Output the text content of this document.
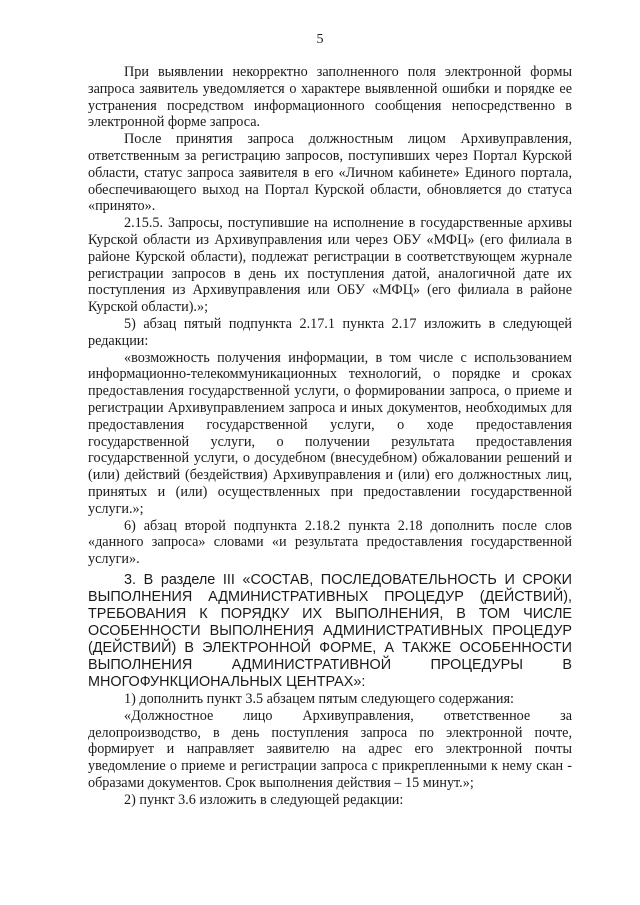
5

При выявлении некорректно заполненного поля электронной формы запроса заявитель уведомляется о характере выявленной ошибки и порядке ее устранения посредством информационного сообщения непосредственно в электронной форме запроса.

После принятия запроса должностным лицом Архивуправления, ответственным за регистрацию запросов, поступивших через Портал Курской области, статус запроса заявителя в его «Личном кабинете» Единого портала, обеспечивающего выход на Портал Курской области, обновляется до статуса «принято».

2.15.5. Запросы, поступившие на исполнение в государственные архивы Курской области из Архивуправления или через ОБУ «МФЦ» (его филиала в районе Курской области), подлежат регистрации в соответствующем журнале регистрации запросов в день их поступления датой, аналогичной дате их поступления из Архивуправления или ОБУ «МФЦ» (его филиала в районе Курской области).»;

5) абзац пятый подпункта 2.17.1 пункта 2.17 изложить в следующей редакции:

«возможность получения информации, в том числе с использованием информационно-телекоммуникационных технологий, о порядке и сроках предоставления государственной услуги, о формировании запроса, о приеме и регистрации Архивуправлением запроса и иных документов, необходимых для предоставления государственной услуги, о ходе предоставления государственной услуги, о получении результата предоставления государственной услуги, о досудебном (внесудебном) обжаловании решений и (или) действий (бездействия) Архивуправления и (или) его должностных лиц, принятых и (или) осуществленных при предоставлении государственной услуги.»;

6) абзац второй подпункта 2.18.2 пункта 2.18 дополнить после слов «данного запроса» словами «и результата предоставления государственной услуги».

3. В разделе III «СОСТАВ, ПОСЛЕДОВАТЕЛЬНОСТЬ И СРОКИ ВЫПОЛНЕНИЯ АДМИНИСТРАТИВНЫХ ПРОЦЕДУР (ДЕЙСТВИЙ), ТРЕБОВАНИЯ К ПОРЯДКУ ИХ ВЫПОЛНЕНИЯ, В ТОМ ЧИСЛЕ ОСОБЕННОСТИ ВЫПОЛНЕНИЯ АДМИНИСТРАТИВНЫХ ПРОЦЕДУР (ДЕЙСТВИЙ) В ЭЛЕКТРОННОЙ ФОРМЕ, А ТАКЖЕ ОСОБЕННОСТИ ВЫПОЛНЕНИЯ АДМИНИСТРАТИВНОЙ ПРОЦЕДУРЫ В МНОГОФУНКЦИОНАЛЬНЫХ ЦЕНТРАХ»:

1) дополнить пункт 3.5 абзацем пятым следующего содержания:

«Должностное лицо Архивуправления, ответственное за делопроизводство, в день поступления запроса по электронной почте, формирует и направляет заявителю на адрес его электронной почты уведомление о приеме и регистрации запроса с прикрепленными к нему скан - образами документов. Срок выполнения действия – 15 минут.»;

2) пункт 3.6 изложить в следующей редакции:
